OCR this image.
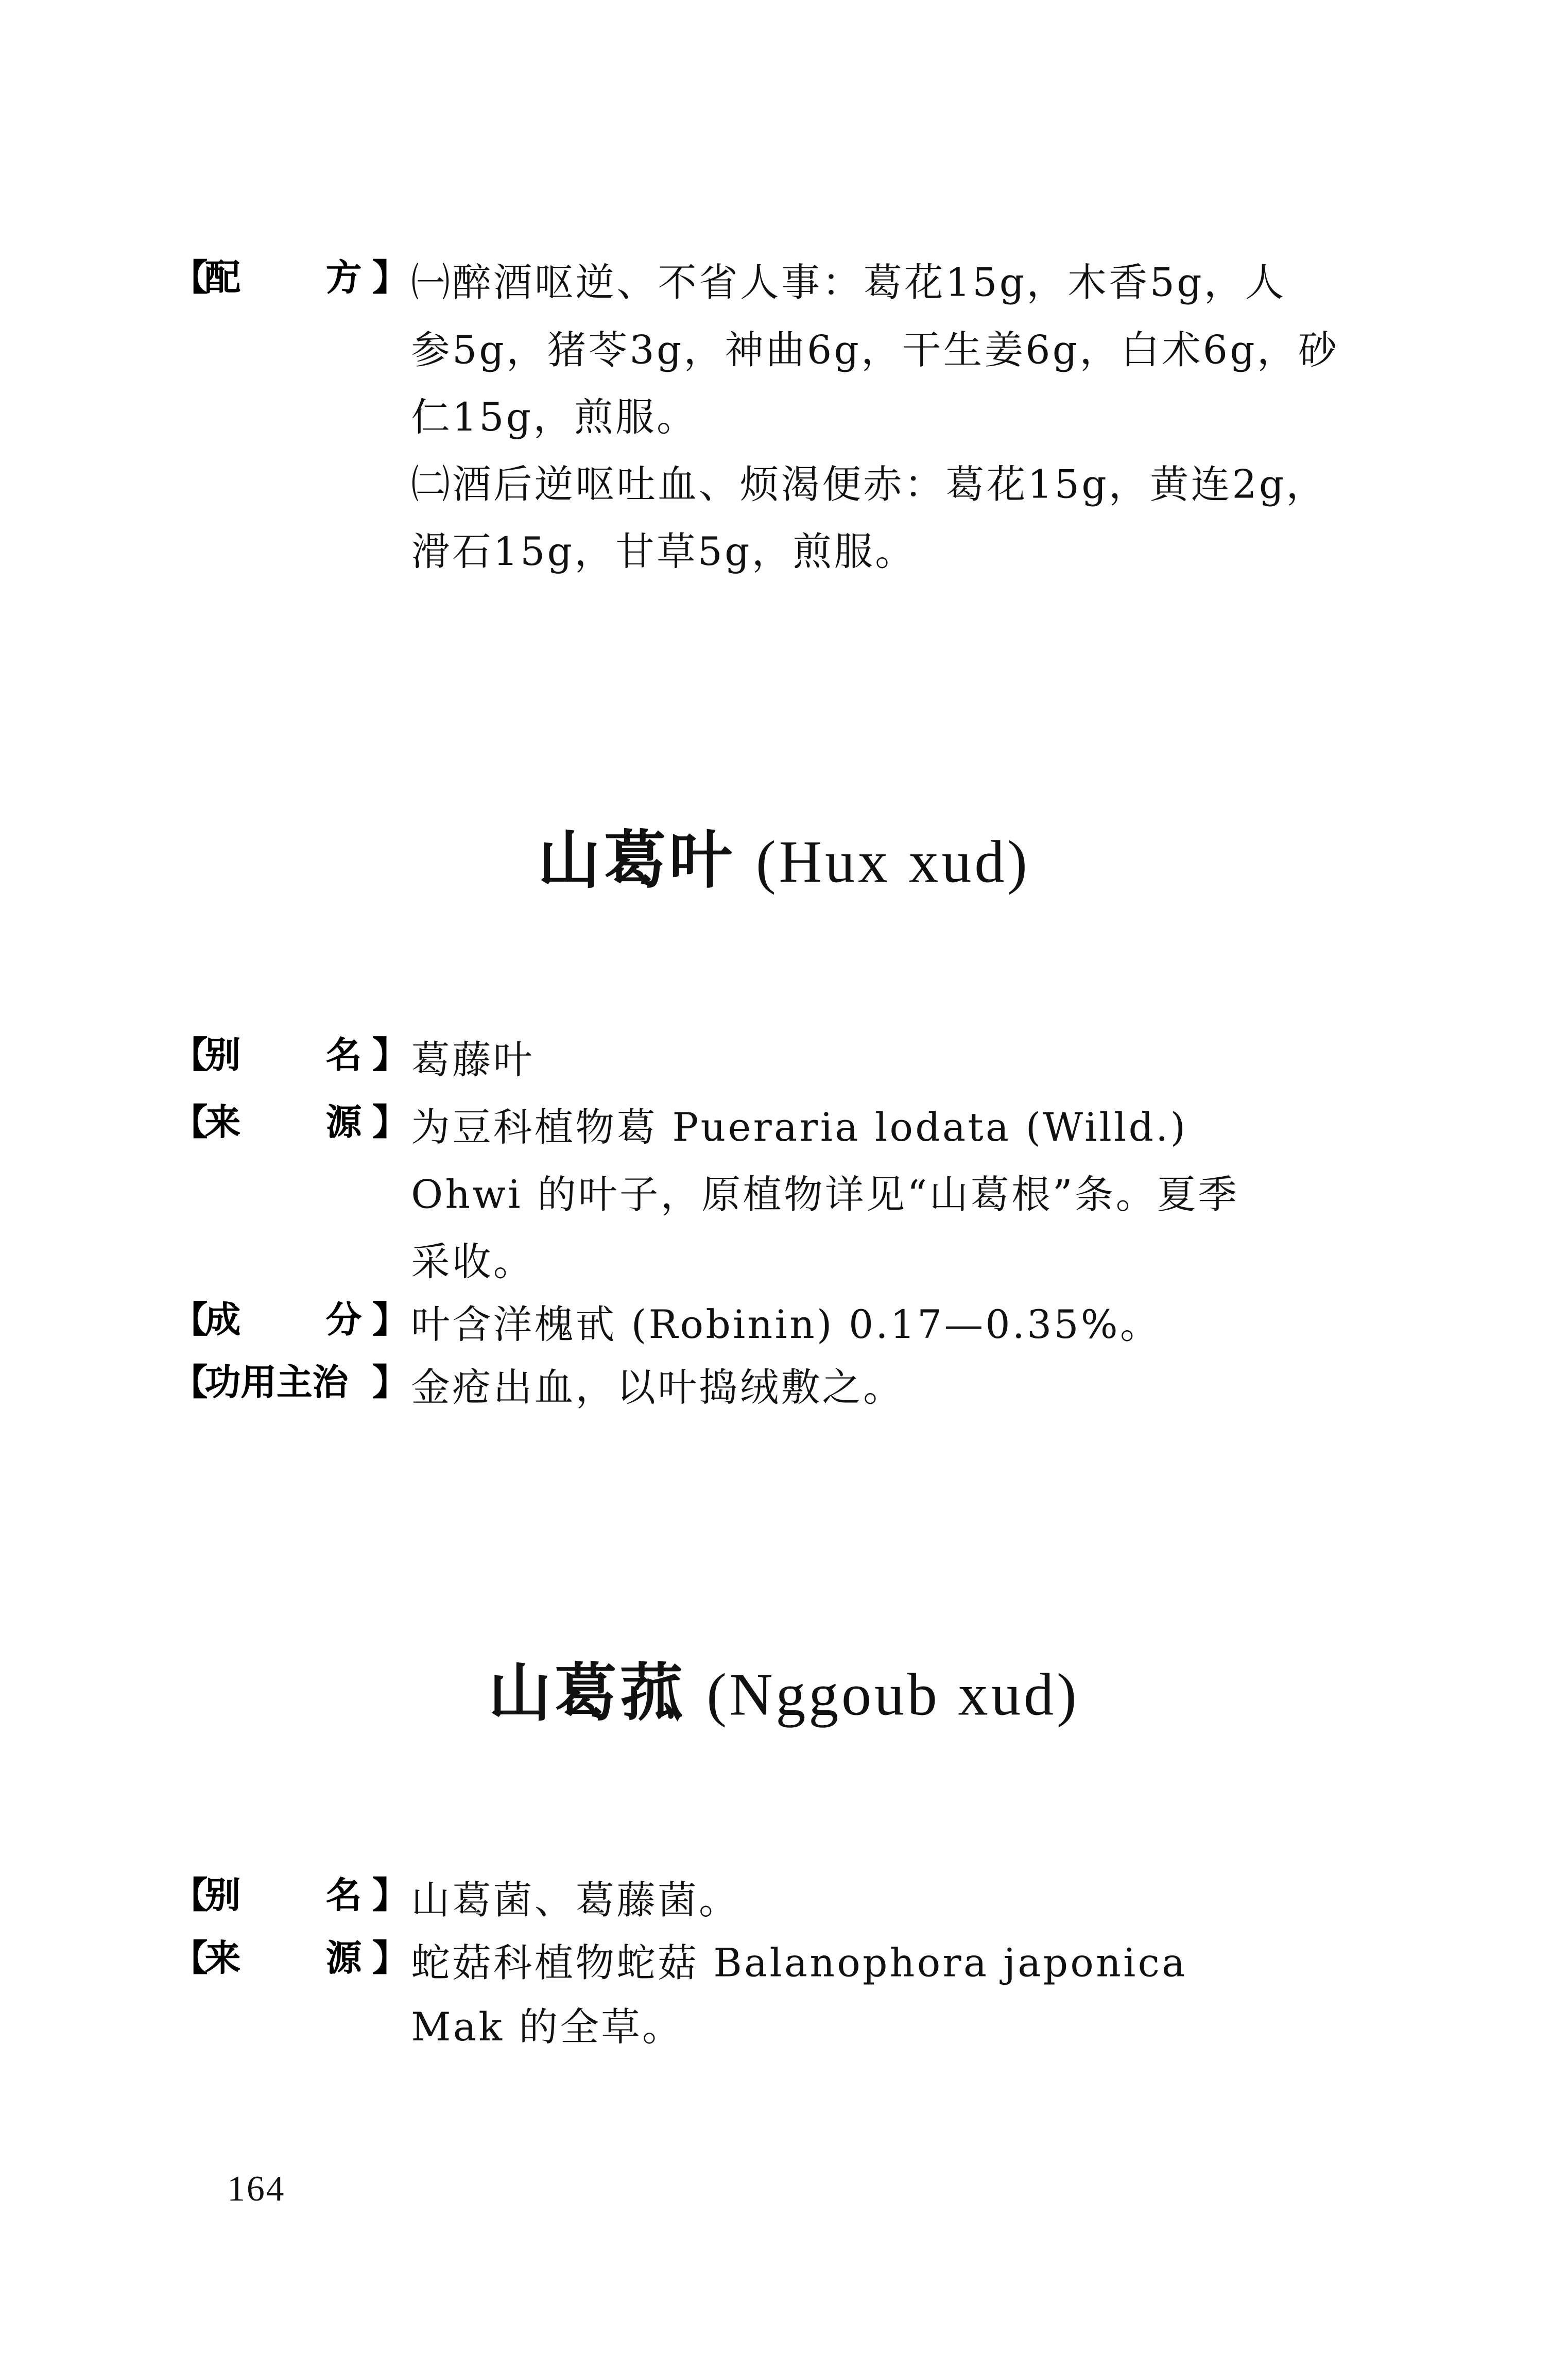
【
配	方 】 ㈠醉酒呕逆、不省人事：葛花15g，木香5g，人
参5g，猪苓3g，神曲6g，干生姜6g，白术6g，砂
仁15g，煎服。
㈡酒后逆呕吐血、烦渴便赤：葛花15g，黄连2g，
滑石15g，甘草5g，煎服。
山葛叶 (Hux xud)
【
别	名 】 葛藤叶
【
来	源 】 为豆科植物葛 Pueraria lodata (Willd.)
Ohwi 的叶子，原植物详见“山葛根”条。夏季
采收。
【
成	分 】 叶含洋槐甙 (Robinin) 0.17—0.35%。
【
功用主治 】 金疮出血，以叶捣绒敷之。
山葛菰 (Nggoub xud)
【
别	名 】 山葛菌、葛藤菌。
【
来	源 】 蛇菇科植物蛇菇 Balanophora japonica
Mak 的全草。
164
